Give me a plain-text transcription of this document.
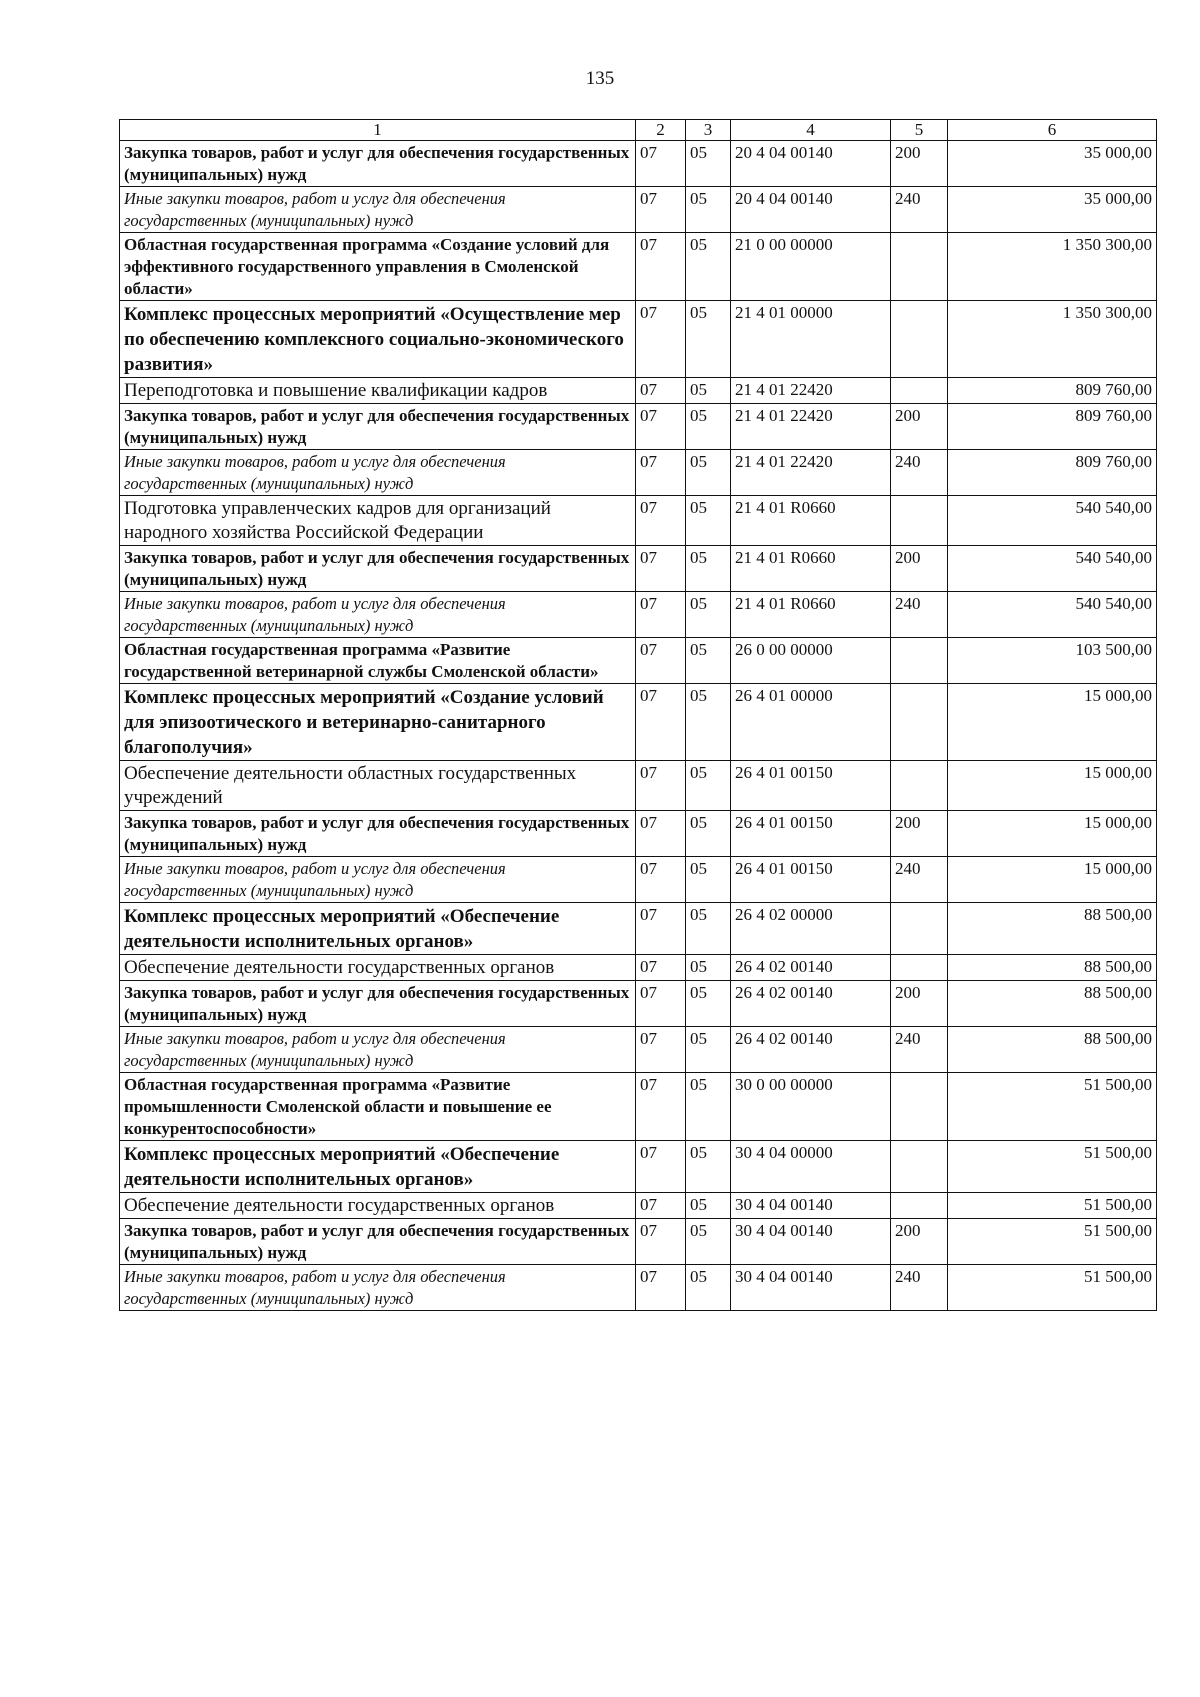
135
1	2	3	4	5	6
Закупка товаров, работ и услуг для обеспечения государственных (муниципальных) нужд	07	05	20 4 04 00140	200	35 000,00
Иные закупки товаров, работ и услуг для обеспечения государственных (муниципальных) нужд	07	05	20 4 04 00140	240	35 000,00
Областная государственная программа «Создание условий для эффективного государственного управления в Смоленской области»	07	05	21 0 00 00000		1 350 300,00
Комплекс процессных мероприятий «Осуществление мер по обеспечению комплексного социально-экономического развития»	07	05	21 4 01 00000		1 350 300,00
Переподготовка и повышение квалификации кадров	07	05	21 4 01 22420		809 760,00
Закупка товаров, работ и услуг для обеспечения государственных (муниципальных) нужд	07	05	21 4 01 22420	200	809 760,00
Иные закупки товаров, работ и услуг для обеспечения государственных (муниципальных) нужд	07	05	21 4 01 22420	240	809 760,00
Подготовка управленческих кадров для организаций народного хозяйства Российской Федерации	07	05	21 4 01 R0660		540 540,00
Закупка товаров, работ и услуг для обеспечения государственных (муниципальных) нужд	07	05	21 4 01 R0660	200	540 540,00
Иные закупки товаров, работ и услуг для обеспечения государственных (муниципальных) нужд	07	05	21 4 01 R0660	240	540 540,00
Областная государственная программа «Развитие государственной ветеринарной службы Смоленской области»	07	05	26 0 00 00000		103 500,00
Комплекс процессных мероприятий «Создание условий для эпизоотического и ветеринарно-санитарного благополучия»	07	05	26 4 01 00000		15 000,00
Обеспечение деятельности областных государственных учреждений	07	05	26 4 01 00150		15 000,00
Закупка товаров, работ и услуг для обеспечения государственных (муниципальных) нужд	07	05	26 4 01 00150	200	15 000,00
Иные закупки товаров, работ и услуг для обеспечения государственных (муниципальных) нужд	07	05	26 4 01 00150	240	15 000,00
Комплекс процессных мероприятий «Обеспечение деятельности исполнительных органов»	07	05	26 4 02 00000		88 500,00
Обеспечение деятельности государственных органов	07	05	26 4 02 00140		88 500,00
Закупка товаров, работ и услуг для обеспечения государственных (муниципальных) нужд	07	05	26 4 02 00140	200	88 500,00
Иные закупки товаров, работ и услуг для обеспечения государственных (муниципальных) нужд	07	05	26 4 02 00140	240	88 500,00
Областная государственная программа «Развитие промышленности Смоленской области и повышение ее конкурентоспособности»	07	05	30 0 00 00000		51 500,00
Комплекс процессных мероприятий «Обеспечение деятельности исполнительных органов»	07	05	30 4 04 00000		51 500,00
Обеспечение деятельности государственных органов	07	05	30 4 04 00140		51 500,00
Закупка товаров, работ и услуг для обеспечения государственных (муниципальных) нужд	07	05	30 4 04 00140	200	51 500,00
Иные закупки товаров, работ и услуг для обеспечения государственных (муниципальных) нужд	07	05	30 4 04 00140	240	51 500,00
